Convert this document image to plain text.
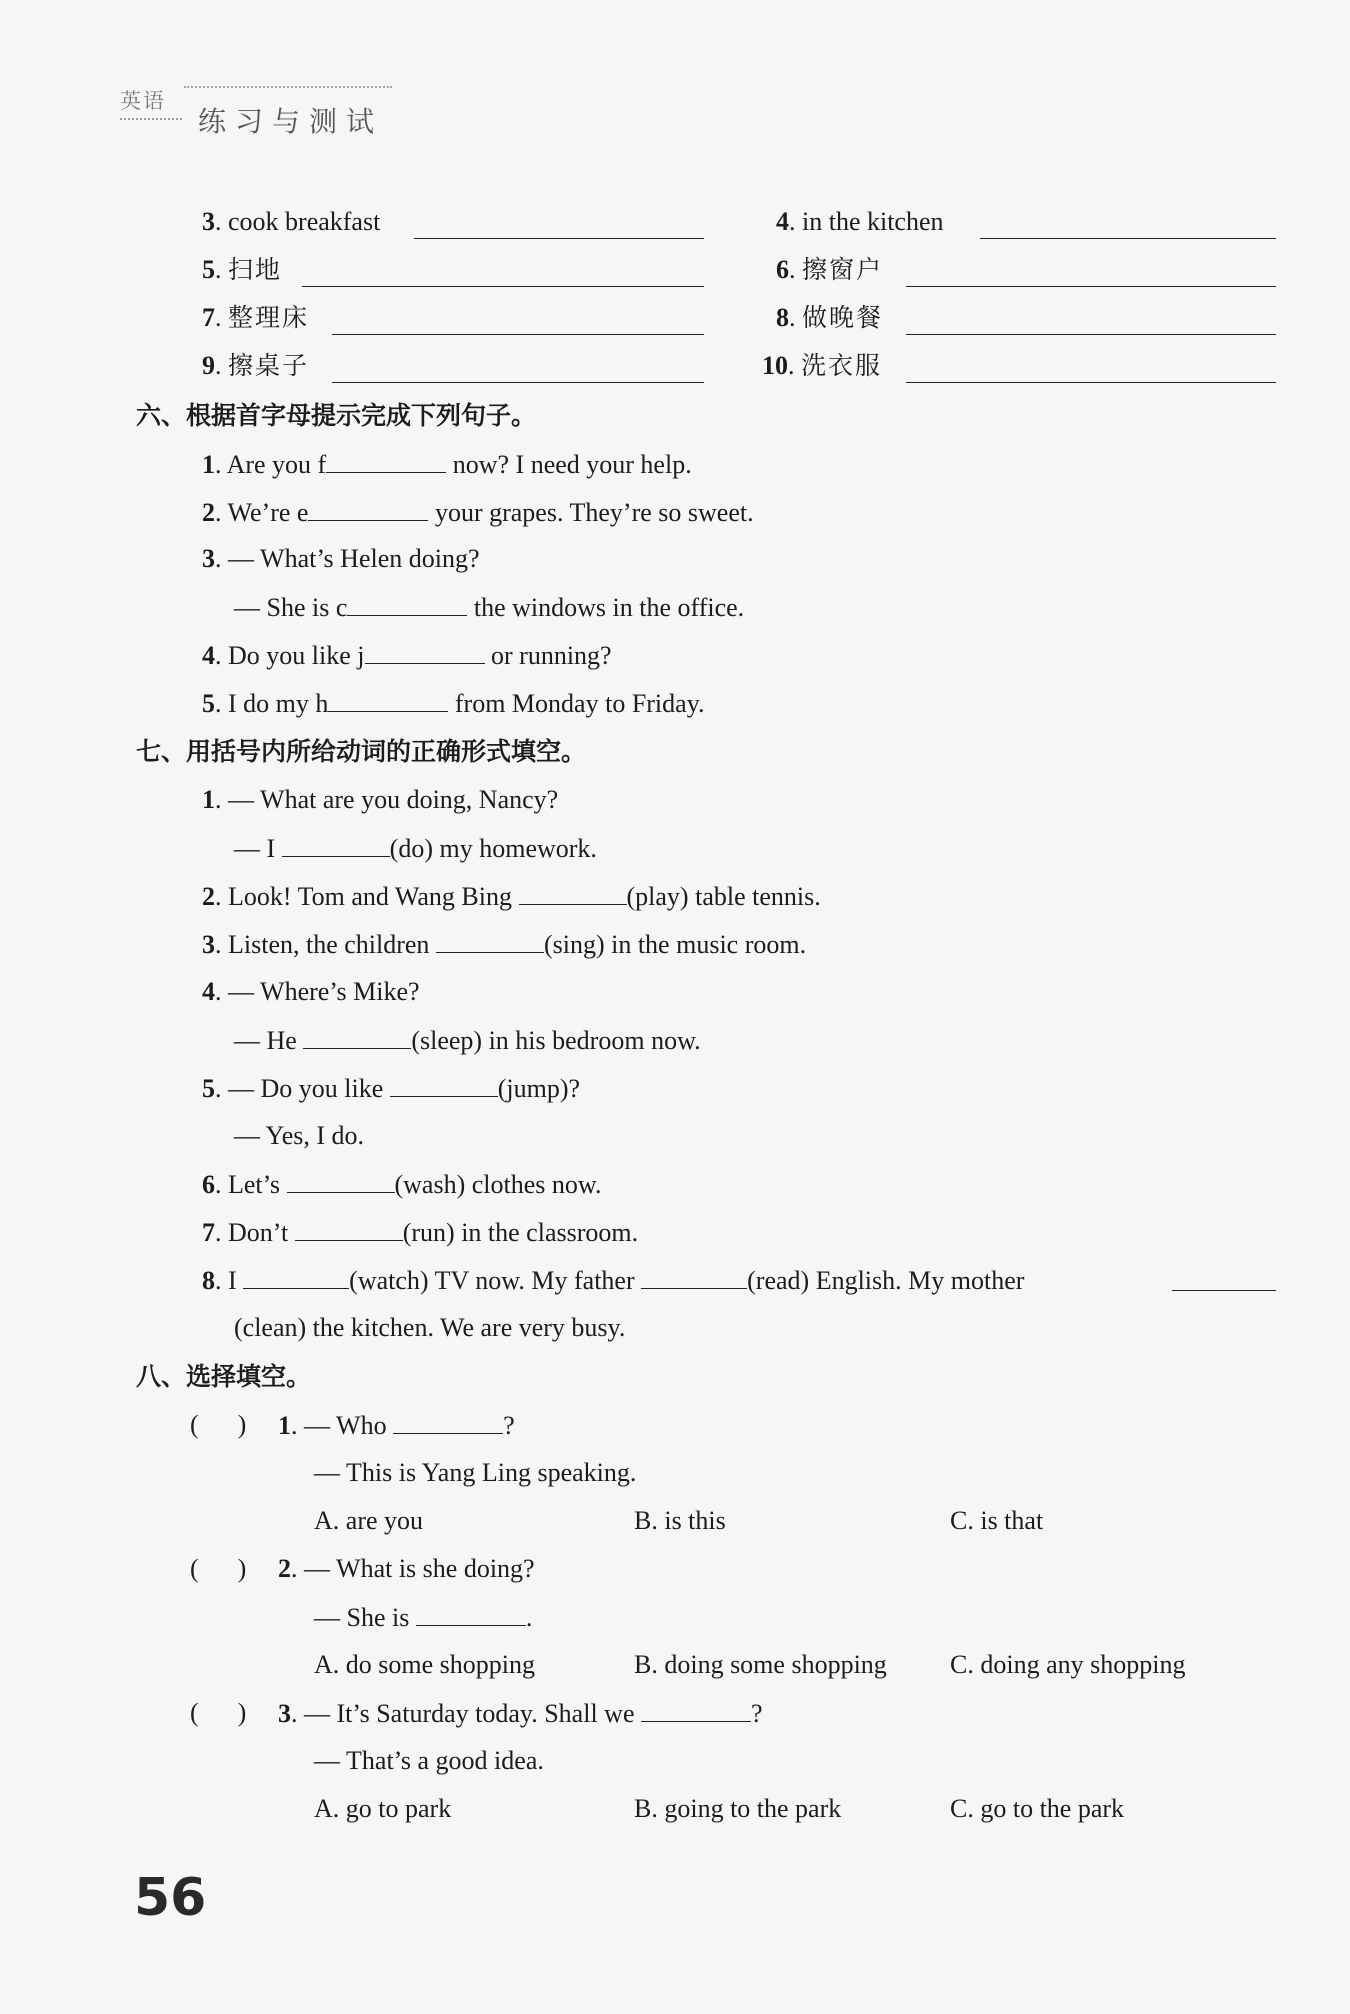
英语
练习与测试
3. cook breakfast	4. in the kitchen
5. 扫地	6. 擦窗户
7. 整理床	8. 做晚餐
9. 擦桌子	10. 洗衣服
六、根据首字母提示完成下列句子。
1. Are you f	now? I need your help.
2. We’re e	your grapes. They’re so sweet.
3. — What’s Helen doing?
— She is c	the windows in the office.
4. Do you like j	or running?
5. I do my h	from Monday to Friday.
七、用括号内所给动词的正确形式填空。
1. — What are you doing, Nancy?
— I	(do) my homework.
2. Look! Tom and Wang Bing	(play) table tennis.
3. Listen, the children	(sing) in the music room.
4. — Where’s Mike?
— He	(sleep) in his bedroom now.
5. — Do you like	(jump)?
— Yes, I do.
6. Let’s	(wash) clothes now.
7. Don’t	(run) in the classroom.
8. I	(watch) TV now. My father	(read) English. My mother
(clean) the kitchen. We are very busy.
八、选择填空。
(      ) 1. — Who	?
— This is Yang Ling speaking.
A. are you	B. is this	C. is that
(      ) 2. — What is she doing?
— She is	.
A. do some shopping	B. doing some shopping C. doing any shopping
(      ) 3. — It’s Saturday today. Shall we	?
— That’s a good idea.
A. go to park	B. going to the park	C. go to the park
56
